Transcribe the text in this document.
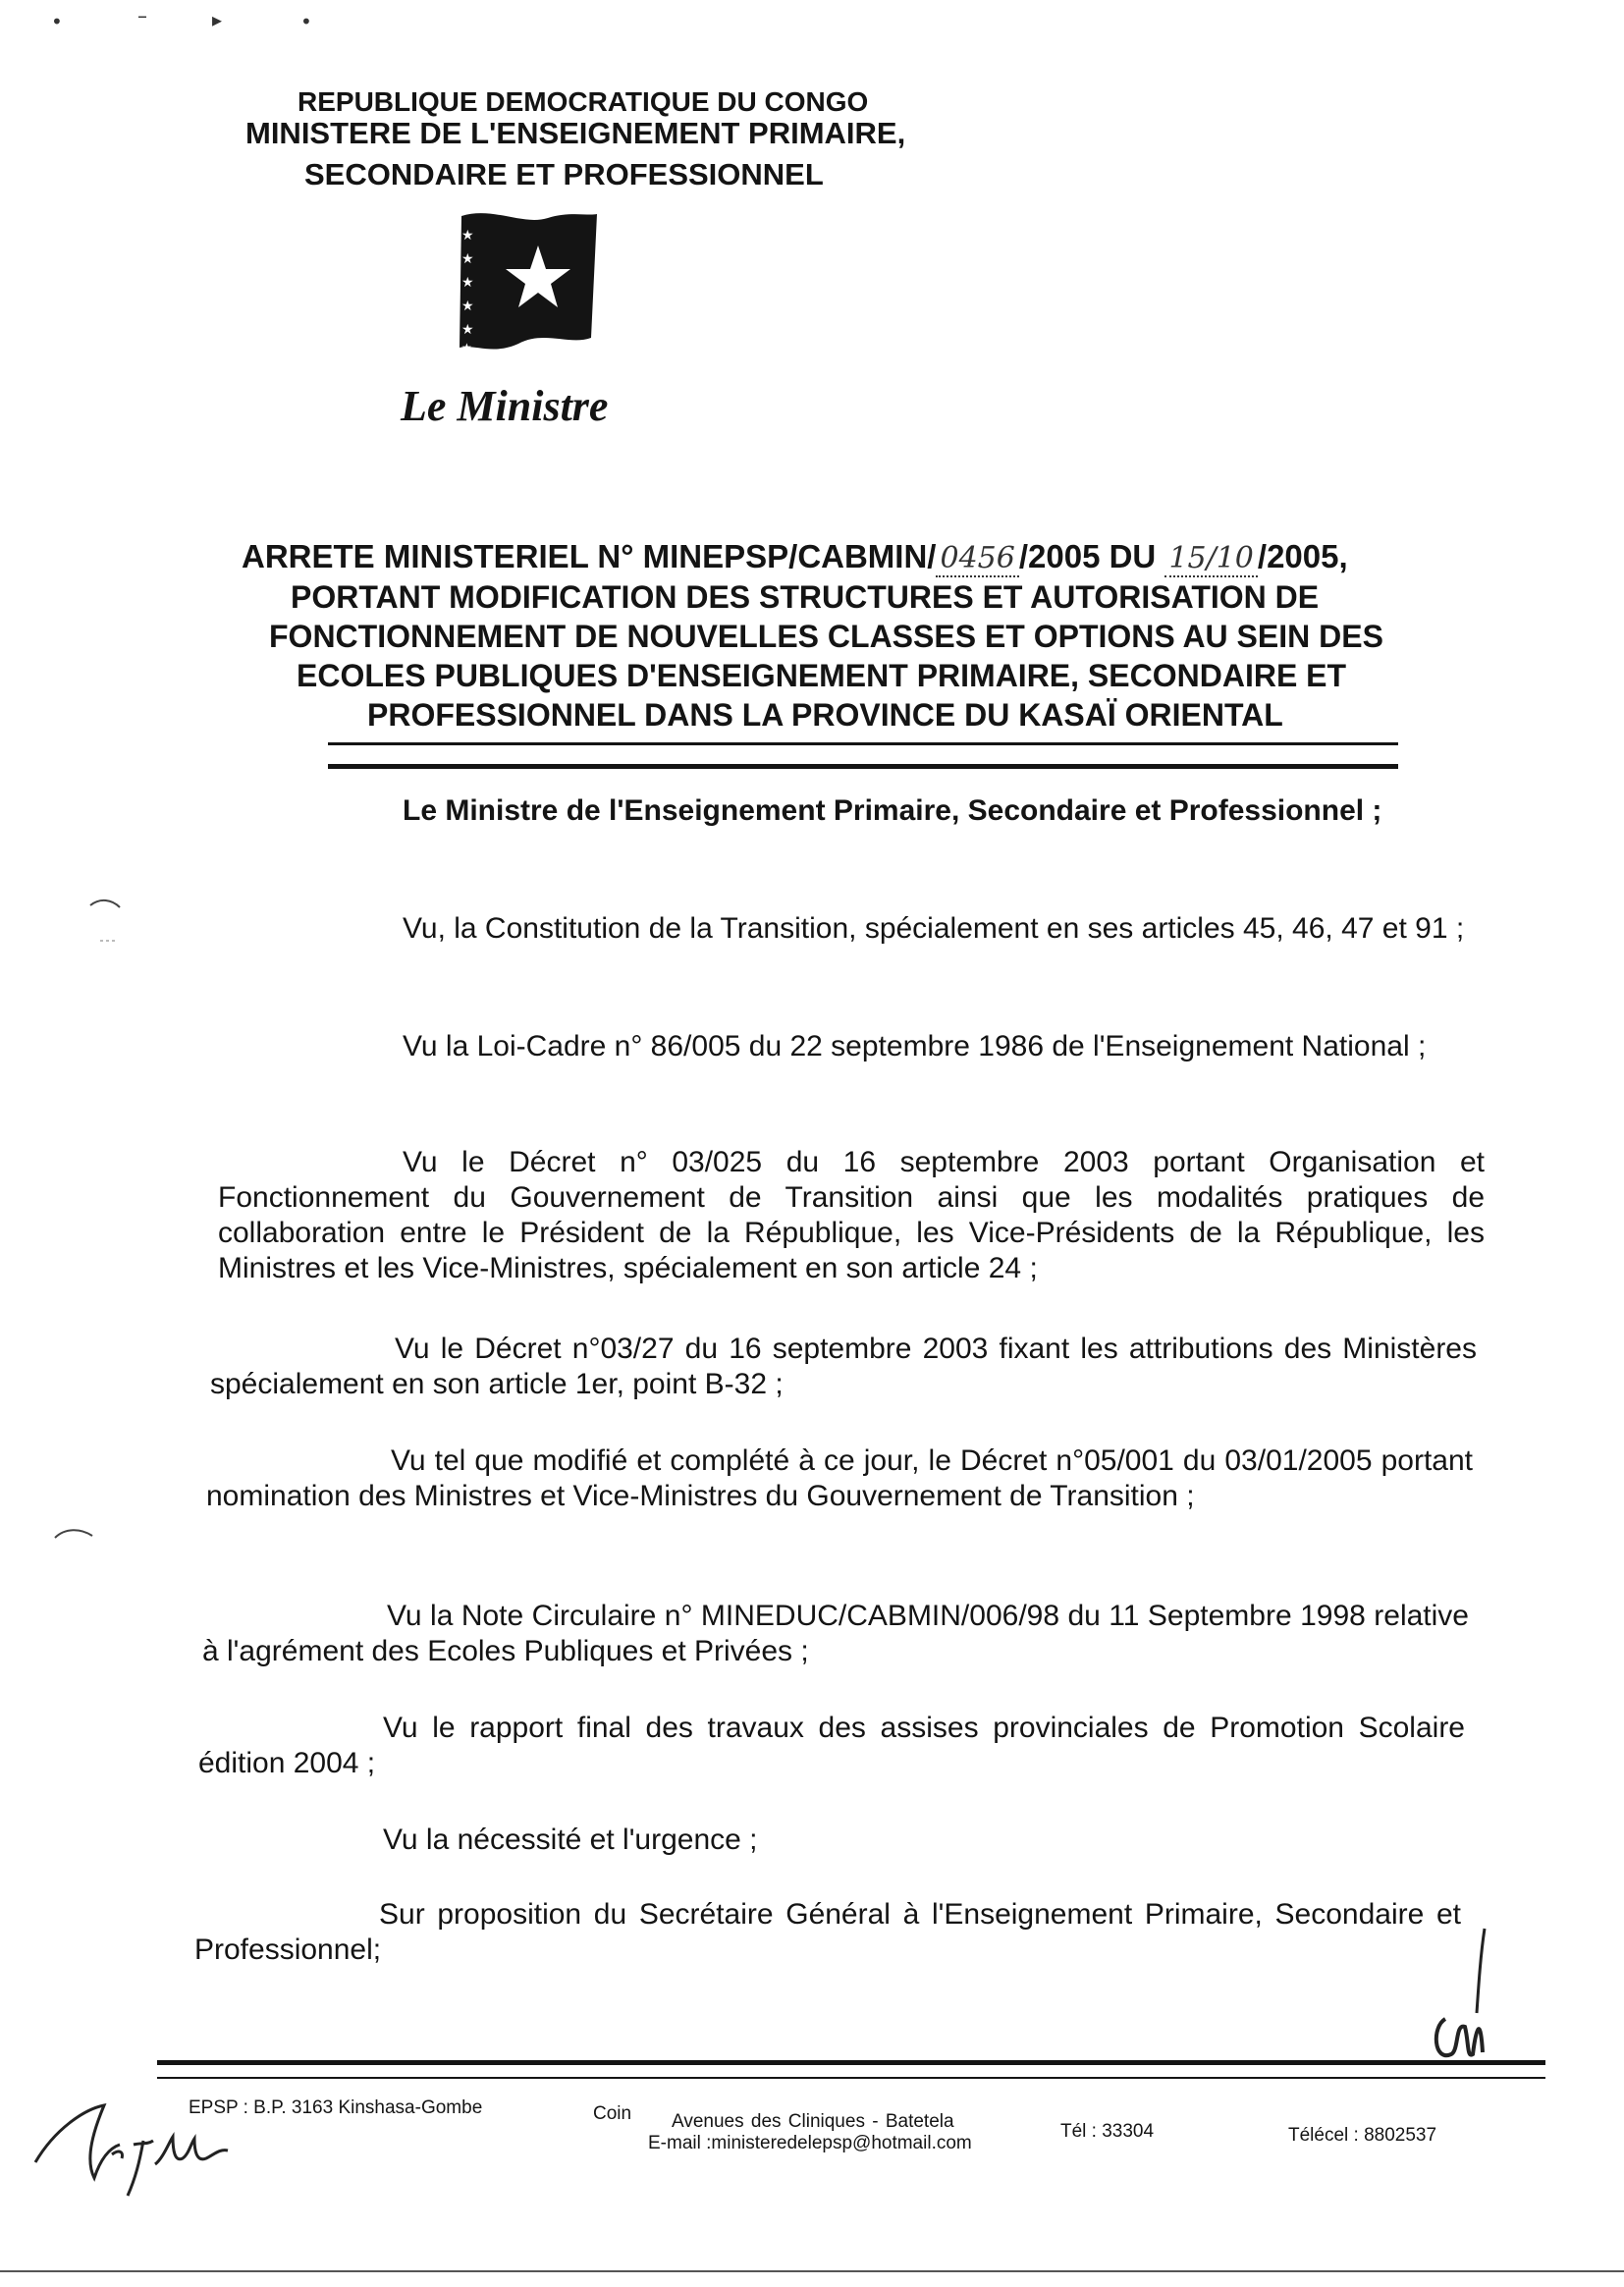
•	–	▸	•
REPUBLIQUE DEMOCRATIQUE DU CONGO
MINISTERE DE L'ENSEIGNEMENT PRIMAIRE,
SECONDAIRE ET PROFESSIONNEL
★
★
★
★
★
★
Le Ministre
ARRETE MINISTERIEL N° MINEPSP/CABMIN/ 0456 /2005 DU 15/10 /2005,
PORTANT MODIFICATION DES STRUCTURES ET AUTORISATION DE
FONCTIONNEMENT DE NOUVELLES CLASSES ET OPTIONS AU SEIN DES
ECOLES PUBLIQUES D'ENSEIGNEMENT PRIMAIRE, SECONDAIRE ET
PROFESSIONNEL DANS LA PROVINCE DU KASAÏ ORIENTAL

Le Ministre de l'Enseignement Primaire, Secondaire et Professionnel ;

Vu, la Constitution de la Transition, spécialement en ses articles 45, 46, 47 et 91 ;

Vu la Loi-Cadre n° 86/005 du 22 septembre 1986 de l'Enseignement National ;

Vu le Décret n° 03/025 du 16 septembre 2003 portant Organisation et Fonctionnement du Gouvernement de Transition ainsi que les modalités pratiques de collaboration entre le Président de la République, les Vice-Présidents de la République, les Ministres et les Vice-Ministres, spécialement en son article 24 ;

Vu le Décret n°03/27 du 16 septembre 2003 fixant les attributions des Ministères spécialement en son article 1er, point B-32 ;

Vu tel que modifié et complété à ce jour, le Décret n°05/001 du 03/01/2005 portant nomination des Ministres et Vice-Ministres du Gouvernement de Transition ;

Vu la Note Circulaire n° MINEDUC/CABMIN/006/98 du 11 Septembre 1998 relative à l'agrément des Ecoles Publiques et Privées ;

Vu le rapport final des travaux des assises provinciales de Promotion Scolaire édition 2004 ;

Vu la nécessité et l'urgence ;

Sur proposition du Secrétaire Général à l'Enseignement Primaire, Secondaire et Professionnel;

EPSP : B.P. 3163 Kinshasa-Gombe	Coin Avenues des Cliniques - Batetela
E-mail :ministeredelepsp@hotmail.com
Tél : 33304	Télécel : 8802537
